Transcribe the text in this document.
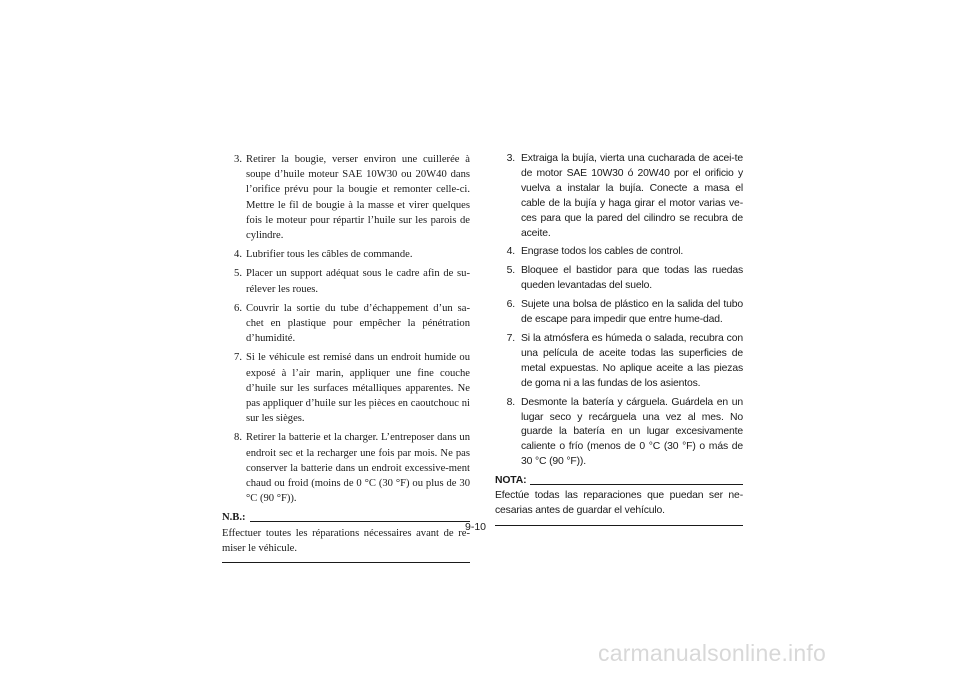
3. Retirer la bougie, verser environ une cuillerée à soupe d’huile moteur SAE 10W30 ou 20W40 dans l’orifice prévu pour la bougie et remonter celle-ci. Mettre le fil de bougie à la masse et virer quelques fois le moteur pour répartir l’huile sur les parois de cylindre.
4. Lubrifier tous les câbles de commande.
5. Placer un support adéquat sous le cadre afin de su-rélever les roues.
6. Couvrir la sortie du tube d’échappement d’un sa-chet en plastique pour empêcher la pénétration d’humidité.
7. Si le véhicule est remisé dans un endroit humide ou exposé à l’air marin, appliquer une fine couche d’huile sur les surfaces métalliques apparentes. Ne pas appliquer d’huile sur les pièces en caoutchouc ni sur les sièges.
8. Retirer la batterie et la charger. L’entreposer dans un endroit sec et la recharger une fois par mois. Ne pas conserver la batterie dans un endroit excessive-ment chaud ou froid (moins de 0 °C (30 °F) ou plus de 30 °C (90 °F)).
N.B.:
Effectuer toutes les réparations nécessaires avant de re-miser le véhicule.
3. Extraiga la bujía, vierta una cucharada de acei-te de motor SAE 10W30 ó 20W40 por el orificio y vuelva a instalar la bujía. Conecte a masa el cable de la bujía y haga girar el motor varias ve-ces para que la pared del cilindro se recubra de aceite.
4. Engrase todos los cables de control.
5. Bloquee el bastidor para que todas las ruedas queden levantadas del suelo.
6. Sujete una bolsa de plástico en la salida del tubo de escape para impedir que entre hume-dad.
7. Si la atmósfera es húmeda o salada, recubra con una película de aceite todas las superficies de metal expuestas. No aplique aceite a las piezas de goma ni a las fundas de los asientos.
8. Desmonte la batería y cárguela. Guárdela en un lugar seco y recárguela una vez al mes. No guarde la batería en un lugar excesivamente caliente o frío (menos de 0 °C (30 °F) o más de 30 °C (90 °F)).
NOTA:
Efectúe todas las reparaciones que puedan ser ne-cesarias antes de guardar el vehículo.
9-10
carmanualsonline.info
